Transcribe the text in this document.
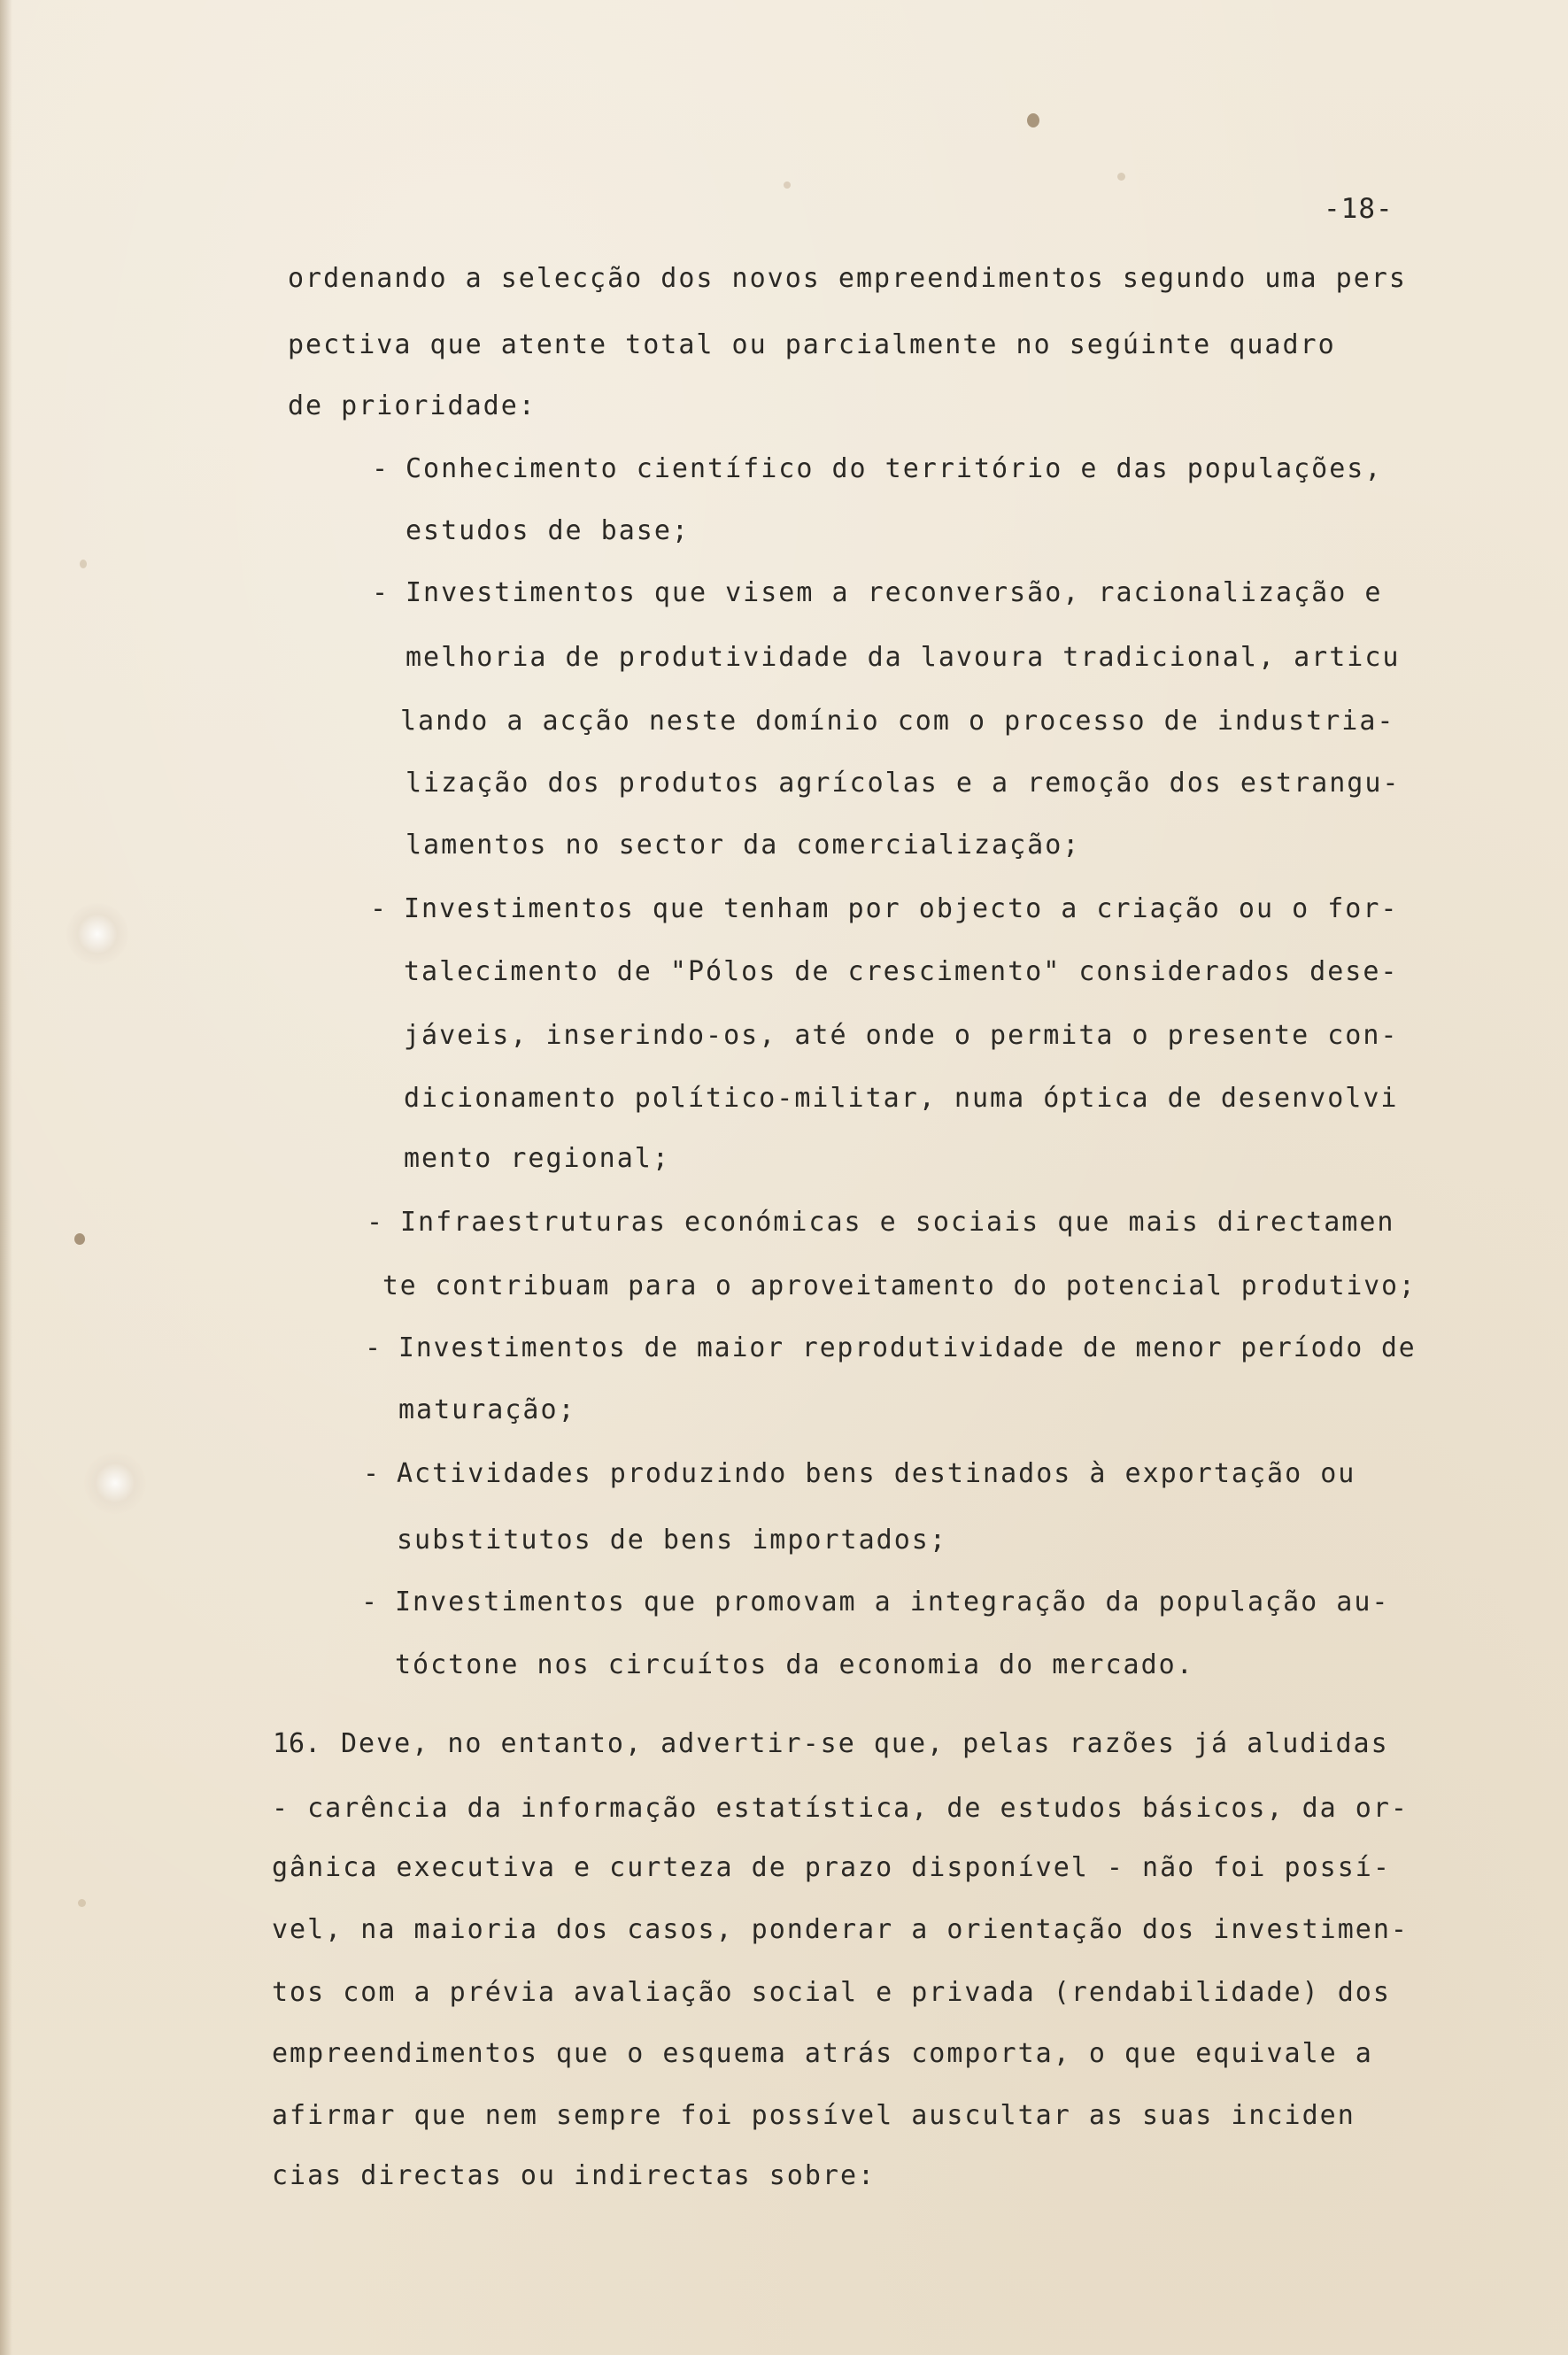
-18-
ordenando a selecção dos novos empreendimentos segundo uma pers
pectiva que atente total ou parcialmente no segúinte quadro
de prioridade:
- Conhecimento científico do território e das populações,
estudos de base;
- Investimentos que visem a reconversão, racionalização e
melhoria de produtividade da lavoura tradicional, articu
lando a acção neste domínio com o processo de industria-
lização dos produtos agrícolas e a remoção dos estrangu-
lamentos no sector da comercialização;
- Investimentos que tenham por objecto a criação ou o for-
talecimento de "Pólos de crescimento" considerados dese-
jáveis, inserindo-os, até onde o permita o presente con-
dicionamento político-militar, numa óptica de desenvolvi
mento regional;
- Infraestruturas económicas e sociais que mais directamen
te contribuam para o aproveitamento do potencial produtivo;
- Investimentos de maior reprodutividade de menor período de
maturação;
- Actividades produzindo bens destinados à exportação ou
substitutos de bens importados;
- Investimentos que promovam a integração da população au-
tóctone nos circuítos da economia do mercado.
16. Deve, no entanto, advertir-se que, pelas razões já aludidas
- carência da informação estatística, de estudos básicos, da or-
gânica executiva e curteza de prazo disponível - não foi possí-
vel, na maioria dos casos, ponderar a orientação dos investimen-
tos com a prévia avaliação social e privada (rendabilidade) dos
empreendimentos que o esquema atrás comporta, o que equivale a
afirmar que nem sempre foi possível auscultar as suas inciden
cias directas ou indirectas sobre:
